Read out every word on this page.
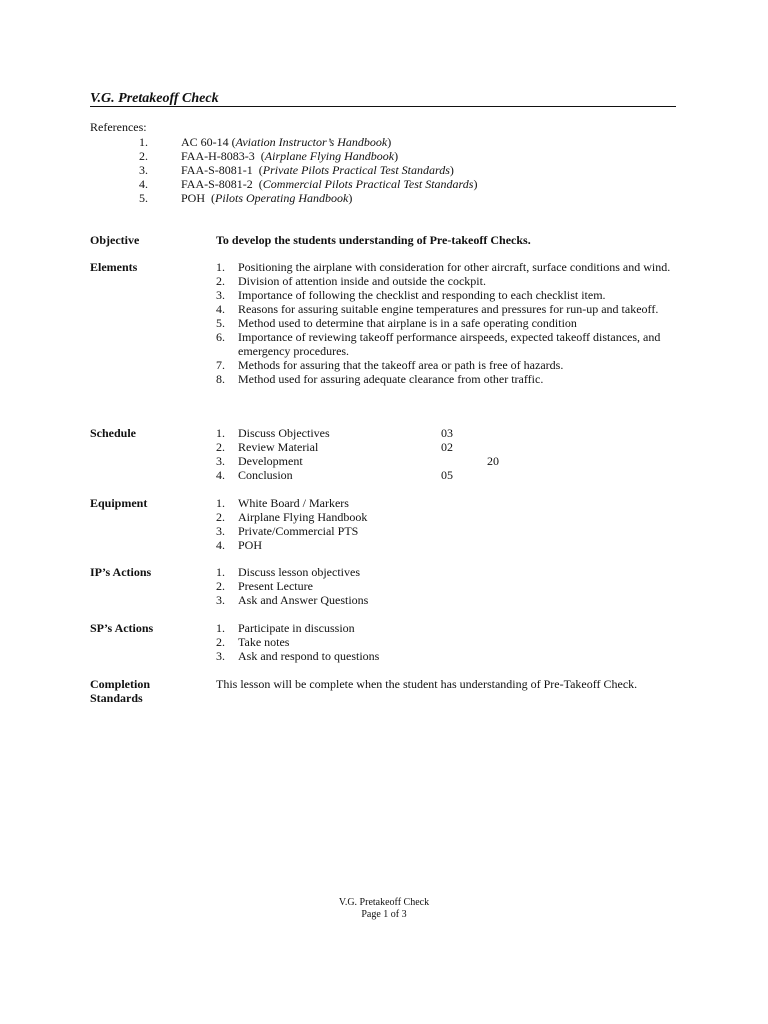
V.G. Pretakeoff Check
References:
1.	AC 60-14 (Aviation Instructor’s Handbook)
2.	FAA-H-8083-3  (Airplane Flying Handbook)
3.	FAA-S-8081-1  (Private Pilots Practical Test Standards)
4.	FAA-S-8081-2  (Commercial Pilots Practical Test Standards)
5.	POH  (Pilots Operating Handbook)
Objective	To develop the students understanding of Pre-takeoff Checks.
Elements	1. Positioning the airplane with consideration for other aircraft, surface conditions and wind.
2. Division of attention inside and outside the cockpit.
3. Importance of following the checklist and responding to each checklist item.
4. Reasons for assuring suitable engine temperatures and pressures for run-up and takeoff.
5. Method used to determine that airplane is in a safe operating condition
6. Importance of reviewing takeoff performance airspeeds, expected takeoff distances, and emergency procedures.
7. Methods for assuring that the takeoff area or path is free of hazards.
8. Method used for assuring adequate clearance from other traffic.
Schedule	1. Discuss Objectives	03
2. Review Material	02
3. Development	20
4. Conclusion	05
Equipment	1. White Board / Markers
2. Airplane Flying Handbook
3. Private/Commercial PTS
4. POH
IP’s Actions	1. Discuss lesson objectives
2. Present Lecture
3. Ask and Answer Questions
SP’s Actions	1. Participate in discussion
2. Take notes
3. Ask and respond to questions
Completion
Standards
This lesson will be complete when the student has understanding of Pre-Takeoff Check.
V.G. Pretakeoff Check
Page 1 of 3
